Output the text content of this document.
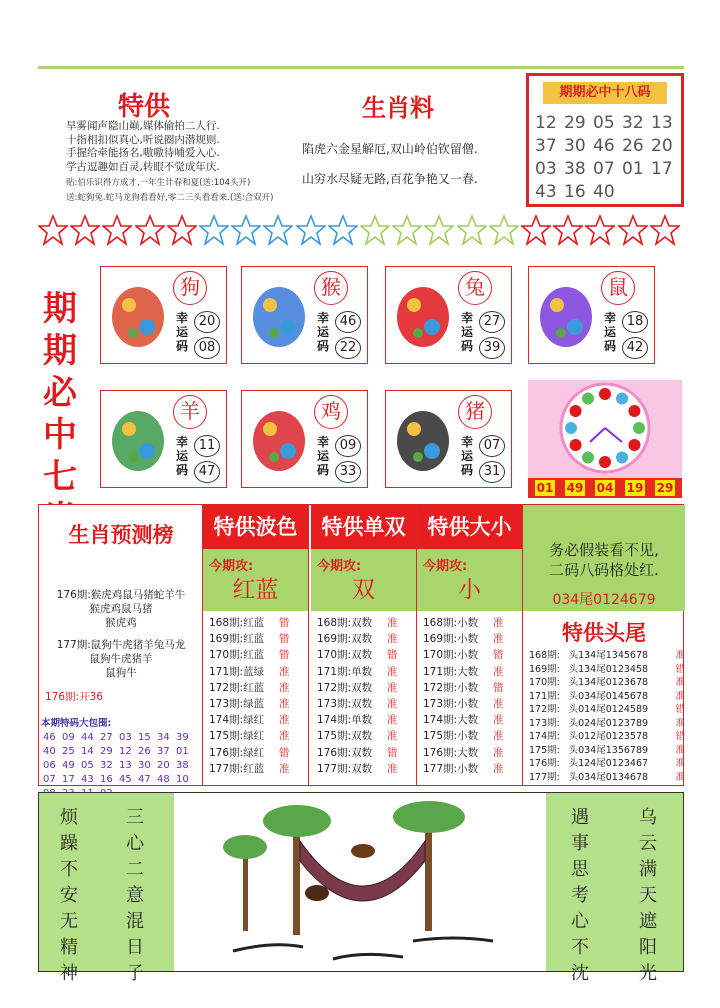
特供
旱雾闻声隐山巅,媒体偷拍二人行.
十指相扣似真心,听说圈内潜规则.
手握给牵能扬名,嗷嗷待哺爱入心.
学古逗趣如百灵,转眼不觉成年庆.
贴:伯乐识得方成才,一年生计春和夏(送:104头开)
送:蛇狗兔.蛇马龙狗看看好,零二三头看看来.(送:合双开)
生肖料
陷虎六金星解厄,双山岭伯钦留僧.
山穷水尽疑无路,百花争艳又一春.
期期必中十八码
12 29 05 32 13
37 30 46 26 20
03 38 07 01 17
43 16 40
期期必中七
狗
幸运码
20
08
猴
幸运码
46
22
兔
幸运码
27
39
鼠
幸运码
18
42
羊
幸运码
11
47
鸡
幸运码
09
33
猪
幸运码
07
31
01 49 04 19 29
生肖预测榜
176期:猴虎鸡鼠马猪蛇羊牛
猴虎鸡鼠马猪
猴虎鸡
177期:鼠狗牛虎猪羊兔马龙
鼠狗牛虎猪羊
鼠狗牛
176期:开36
本期特码大包围:
46 09 44 27 03 15 34 39
40 25 14 29 12 26 37 01
06 49 05 32 13 30 20 38
07 17 43 16 45 47 48 10
特供波色
今期攻:
红蓝
168期:红蓝	错
169期:红蓝	错
170期:红蓝	错
171期:蓝绿	准
172期:红蓝	准
173期:绿蓝	准
174期:绿红	准
175期:绿红	准
176期:绿红	错
177期:红蓝	准
特供单双
今期攻:
双
168期:双数	准
169期:双数	准
170期:双数	错
171期:单数	准
172期:双数	准
173期:双数	准
174期:单数	准
175期:双数	准
176期:双数	错
177期:双数	准
特供大小
今期攻:
小
168期:小数	准
169期:小数	准
170期:小数	错
171期:大数	准
172期:小数	错
173期:小数	准
174期:大数	准
175期:小数	准
176期:大数	准
177期:小数	准
务必假装看不见,
二码八码格处红.
034尾0124679
特供头尾
168期: 头134尾1345678	准
169期: 头134尾0123458	错
170期: 头134尾0123678	准
171期: 头034尾0145678	准
172期: 头014尾0124589	错
173期: 头024尾0123789	准
174期: 头012尾0123578	错
175期: 头034尾1356789	准
176期: 头124尾0123467	准
177期: 头034尾0134678	准
烦躁不安无精神
三心二意混日子
遇事思考心不沈
乌云满天遮阳光
